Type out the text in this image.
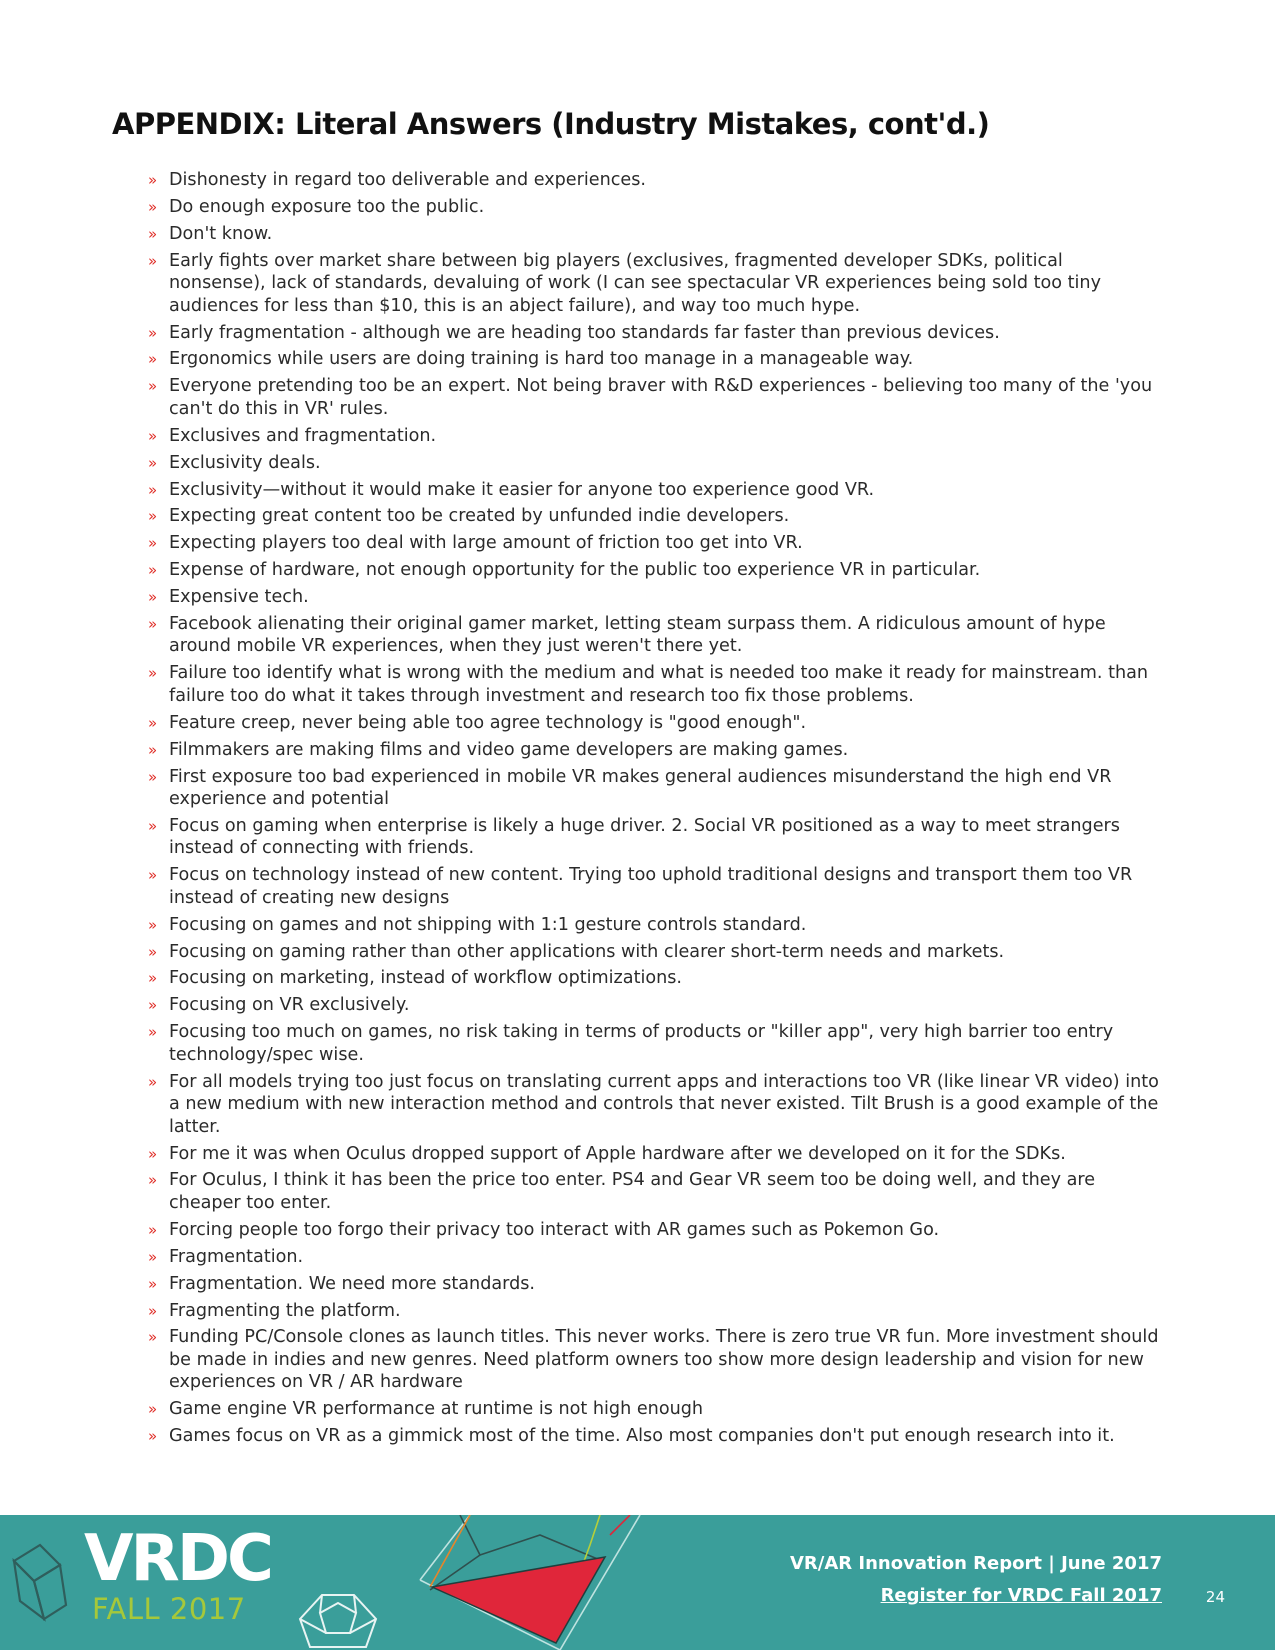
APPENDIX: Literal Answers (Industry Mistakes, cont'd.)
» Dishonesty in regard too deliverable and experiences.
» Do enough exposure too the public.
» Don't know.
» Early fights over market share between big players (exclusives, fragmented developer SDKs, political nonsense), lack of standards, devaluing of work (I can see spectacular VR experiences being sold too tiny audiences for less than $10, this is an abject failure), and way too much hype.
» Early fragmentation - although we are heading too standards far faster than previous devices.
» Ergonomics while users are doing training is hard too manage in a manageable way.
» Everyone pretending too be an expert. Not being braver with R&D experiences - believing too many of the 'you can't do this in VR' rules.
» Exclusives and fragmentation.
» Exclusivity deals.
» Exclusivity—without it would make it easier for anyone too experience good VR.
» Expecting great content too be created by unfunded indie developers.
» Expecting players too deal with large amount of friction too get into VR.
» Expense of hardware, not enough opportunity for the public too experience VR in particular.
» Expensive tech.
» Facebook alienating their original gamer market, letting steam surpass them. A ridiculous amount of hype around mobile VR experiences, when they just weren't there yet.
» Failure too identify what is wrong with the medium and what is needed too make it ready for mainstream. than failure too do what it takes through investment and research too fix those problems.
» Feature creep, never being able too agree technology is "good enough".
» Filmmakers are making films and video game developers are making games.
» First exposure too bad experienced in mobile VR makes general audiences misunderstand the high end VR experience and potential
» Focus on gaming when enterprise is likely a huge driver. 2. Social VR positioned as a way to meet strangers instead of connecting with friends.
» Focus on technology instead of new content. Trying too uphold traditional designs and transport them too VR instead of creating new designs
» Focusing on games and not shipping with 1:1 gesture controls standard.
» Focusing on gaming rather than other applications with clearer short-term needs and markets.
» Focusing on marketing, instead of workflow optimizations.
» Focusing on VR exclusively.
» Focusing too much on games, no risk taking in terms of products or "killer app", very high barrier too entry technology/spec wise.
» For all models trying too just focus on translating current apps and interactions too VR (like linear VR video) into a new medium with new interaction method and controls that never existed. Tilt Brush is a good example of the latter.
» For me it was when Oculus dropped support of Apple hardware after we developed on it for the SDKs.
» For Oculus, I think it has been the price too enter. PS4 and Gear VR seem too be doing well, and they are cheaper too enter.
» Forcing people too forgo their privacy too interact with AR games such as Pokemon Go.
» Fragmentation.
» Fragmentation. We need more standards.
» Fragmenting the platform.
» Funding PC/Console clones as launch titles. This never works. There is zero true VR fun. More investment should be made in indies and new genres. Need platform owners too show more design leadership and vision for new experiences on VR / AR hardware
» Game engine VR performance at runtime is not high enough
» Games focus on VR as a gimmick most of the time. Also most companies don't put enough research into it.
VRDC
FALL 2017
VR/AR Innovation Report | June 2017
Register for VRDC Fall 2017	24
